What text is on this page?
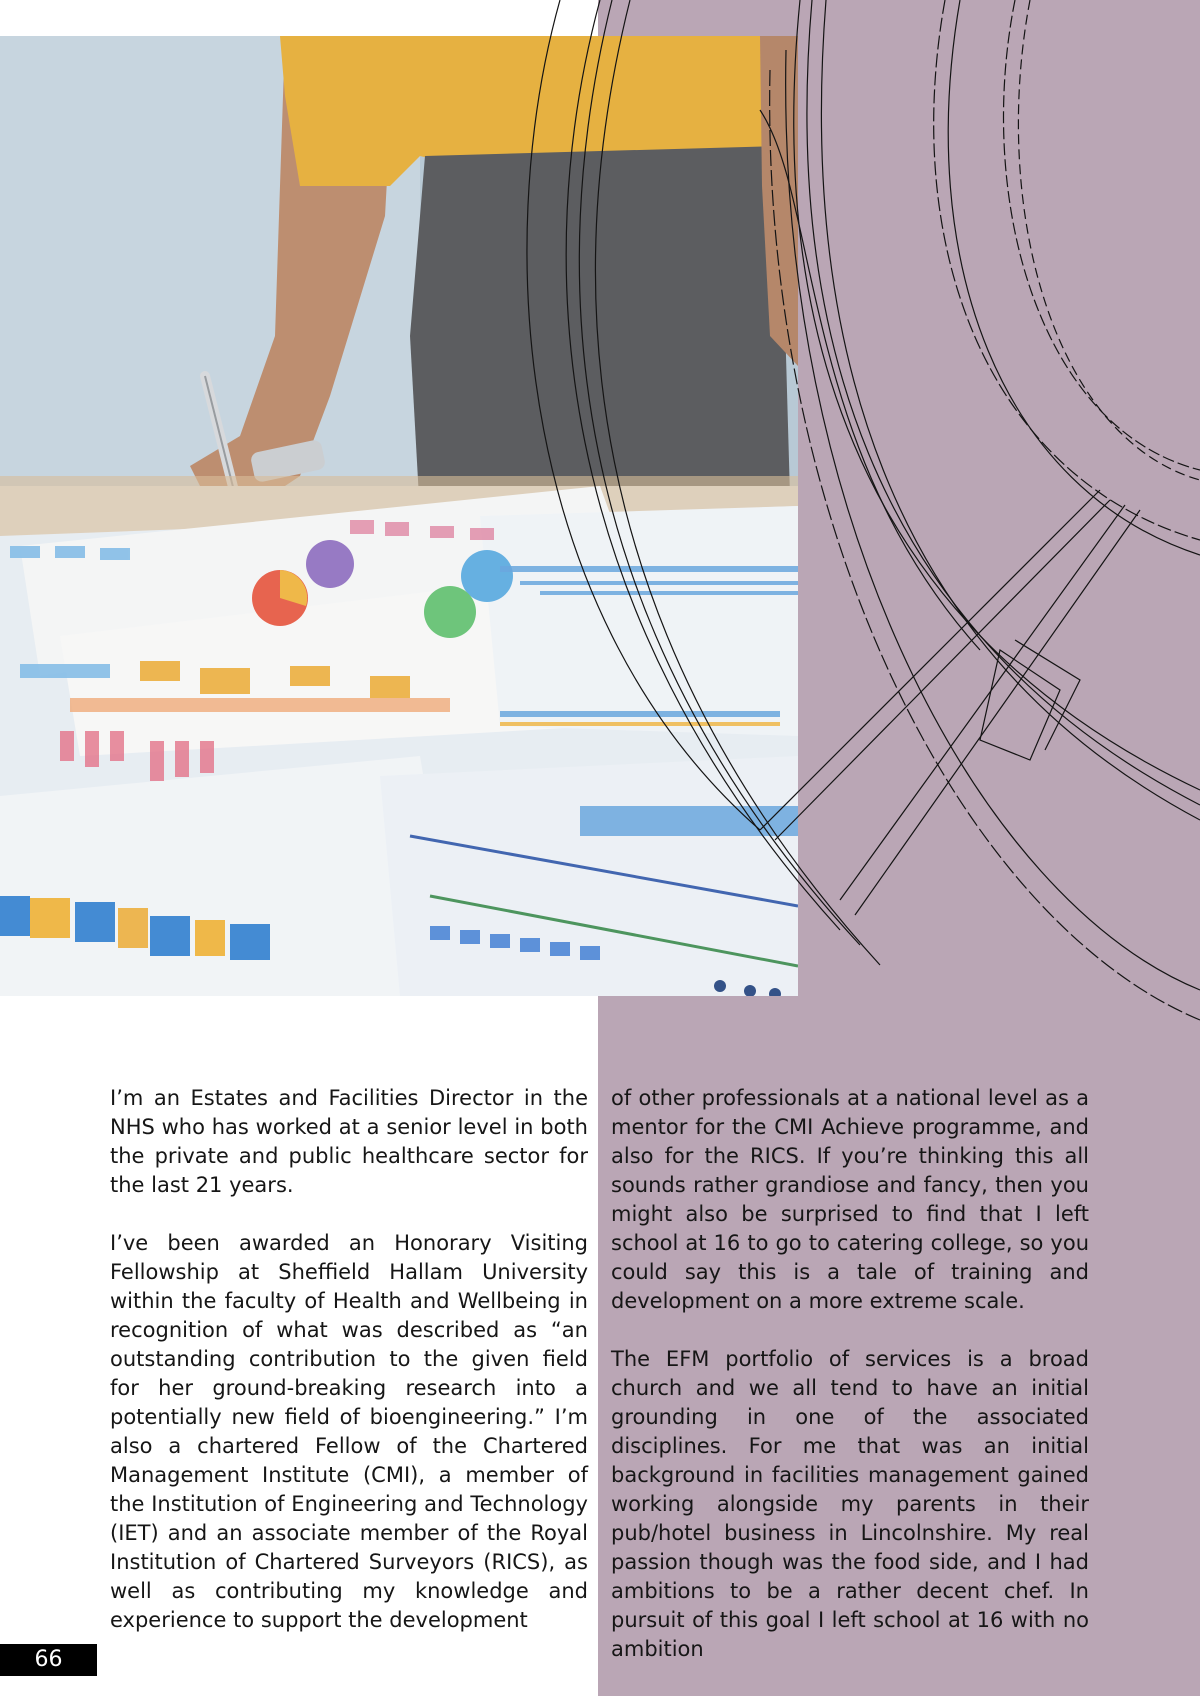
I’m an Estates and Facilities Director in the NHS who has worked at a senior level in both the private and public healthcare sector for the last 21 years.

I’ve been awarded an Honorary Visiting Fellowship at Sheffield Hallam University within the faculty of Health and Wellbeing in recognition of what was described as “an outstanding contribution to the given field for her ground-breaking research into a potentially new field of bioengineering.” I’m also a chartered Fellow of the Chartered Management Institute (CMI), a member of the Institution of Engineering and Technology (IET) and an associate member of the Royal Institution of Chartered Surveyors (RICS), as well as contributing my knowledge and experience to support the development

of other professionals at a national level as a mentor for the CMI Achieve programme, and also for the RICS. If you’re thinking this all sounds rather grandiose and fancy, then you might also be surprised to find that I left school at 16 to go to catering college, so you could say this is a tale of training and development on a more extreme scale.

The EFM portfolio of services is a broad church and we all tend to have an initial grounding in one of the associated disciplines. For me that was an initial background in facilities management gained working alongside my parents in their pub/hotel business in Lincolnshire. My real passion though was the food side, and I had ambitions to be a rather decent chef. In pursuit of this goal I left school at 16 with no ambition

66
